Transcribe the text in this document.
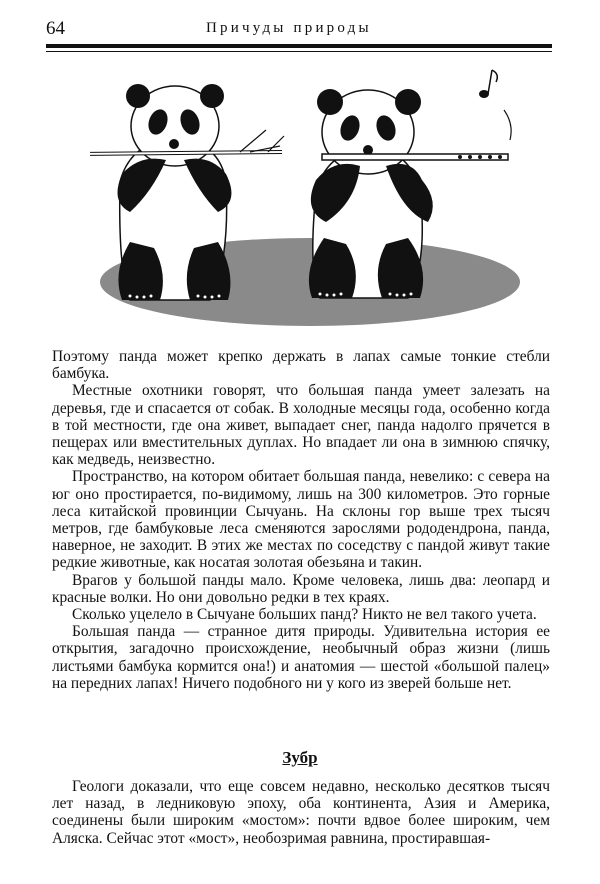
64	Причуды природы

Поэтому панда может крепко держать в лапах самые тонкие стебли бамбука.

Местные охотники говорят, что большая панда умеет залезать на деревья, где и спасается от собак. В холодные месяцы года, особенно когда в той местности, где она живет, выпадает снег, панда надолго прячется в пещерах или вместительных дуплах. Но впадает ли она в зимнюю спячку, как медведь, неизвестно.

Пространство, на котором обитает большая панда, невелико: с севера на юг оно простирается, по-видимому, лишь на 300 километров. Это горные леса китайской провинции Сычуань. На склоны гор выше трех тысяч метров, где бамбуковые леса сменяются зарослями рододендрона, панда, наверное, не заходит. В этих же местах по соседству с пандой живут такие редкие животные, как носатая золотая обезьяна и такин.

Врагов у большой панды мало. Кроме человека, лишь два: леопард и красные волки. Но они довольно редки в тех краях.

Сколько уцелело в Сычуане больших панд? Никто не вел такого учета.

Большая панда — странное дитя природы. Удивительна история ее открытия, загадочно происхождение, необычный образ жизни (лишь листьями бамбука кормится она!) и анатомия — шестой «большой палец» на передних лапах! Ничего подобного ни у кого из зверей больше нет.

Зубр

Геологи доказали, что еще совсем недавно, несколько десятков тысяч лет назад, в ледниковую эпоху, оба континента, Азия и Америка, соединены были широким «мостом»: почти вдвое более широким, чем Аляска. Сейчас этот «мост», необозримая равнина, простиравшая-
